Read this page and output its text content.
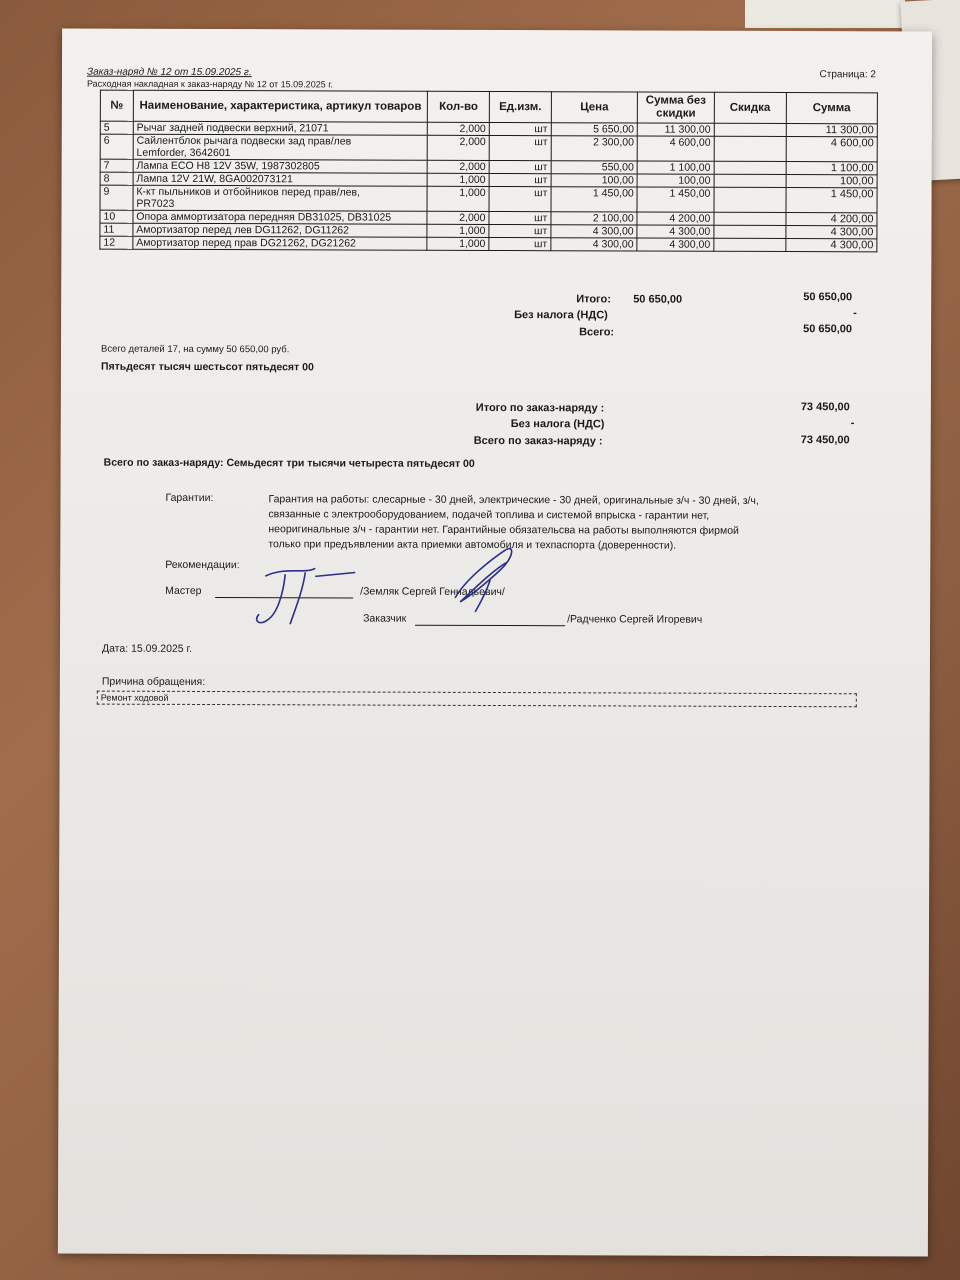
Заказ-наряд № 12 от 15.09.2025 г.
Расходная накладная к заказ-наряду № 12 от 15.09.2025 г.
Страница: 2
№	Наименование, характеристика, артикул товаров	Кол-во	Ед.изм.	Цена	Сумма без скидки	Скидка	Сумма
5	Рычаг задней подвески верхний, 21071	2,000	шт	5 650,00	11 300,00		11 300,00
6	Сайлентблок рычага подвески зад прав/лев
Lemforder, 3642601	2,000	шт	2 300,00	4 600,00		4 600,00
7	Лампа ECO H8 12V 35W, 1987302805	2,000	шт	550,00	1 100,00		1 100,00
8	Лампа 12V 21W, 8GA002073121	1,000	шт	100,00	100,00		100,00
9	К-кт пыльников и отбойников перед прав/лев,
PR7023	1,000	шт	1 450,00	1 450,00		1 450,00
10	Опора аммортизатора передняя DB31025, DB31025	2,000	шт	2 100,00	4 200,00		4 200,00
11	Амортизатор перед лев DG11262, DG11262	1,000	шт	4 300,00	4 300,00		4 300,00
12	Амортизатор перед прав DG21262, DG21262	1,000	шт	4 300,00	4 300,00		4 300,00
Итого: 50 650,00	50 650,00
Без налога (НДС)	-
Всего:	50 650,00
Всего деталей 17, на сумму 50 650,00 руб.
Пятьдесят тысяч шестьсот пятьдесят 00
Итого по заказ-наряду :	73 450,00
Без налога (НДС)	-
Всего по заказ-наряду :	73 450,00
Всего по заказ-наряду: Семьдесят три тысячи четыреста пятьдесят 00
Гарантии:	Гарантия на работы: слесарные - 30 дней, электрические - 30 дней, оригинальные з/ч - 30 дней, з/ч,
связанные с электрооборудованием, подачей топлива и системой впрыска - гарантии нет,
неоригинальные з/ч - гарантии нет. Гарантийные обязательсва на работы выполняются фирмой
только при предъявлении акта приемки автомобиля и техпаспорта (доверенности).
Рекомендации:
Мастер	/Земляк Сергей Геннадьевич/
Заказчик	/Радченко Сергей Игоревич
Дата: 15.09.2025 г.
Причина обращения:
Ремонт ходовой
